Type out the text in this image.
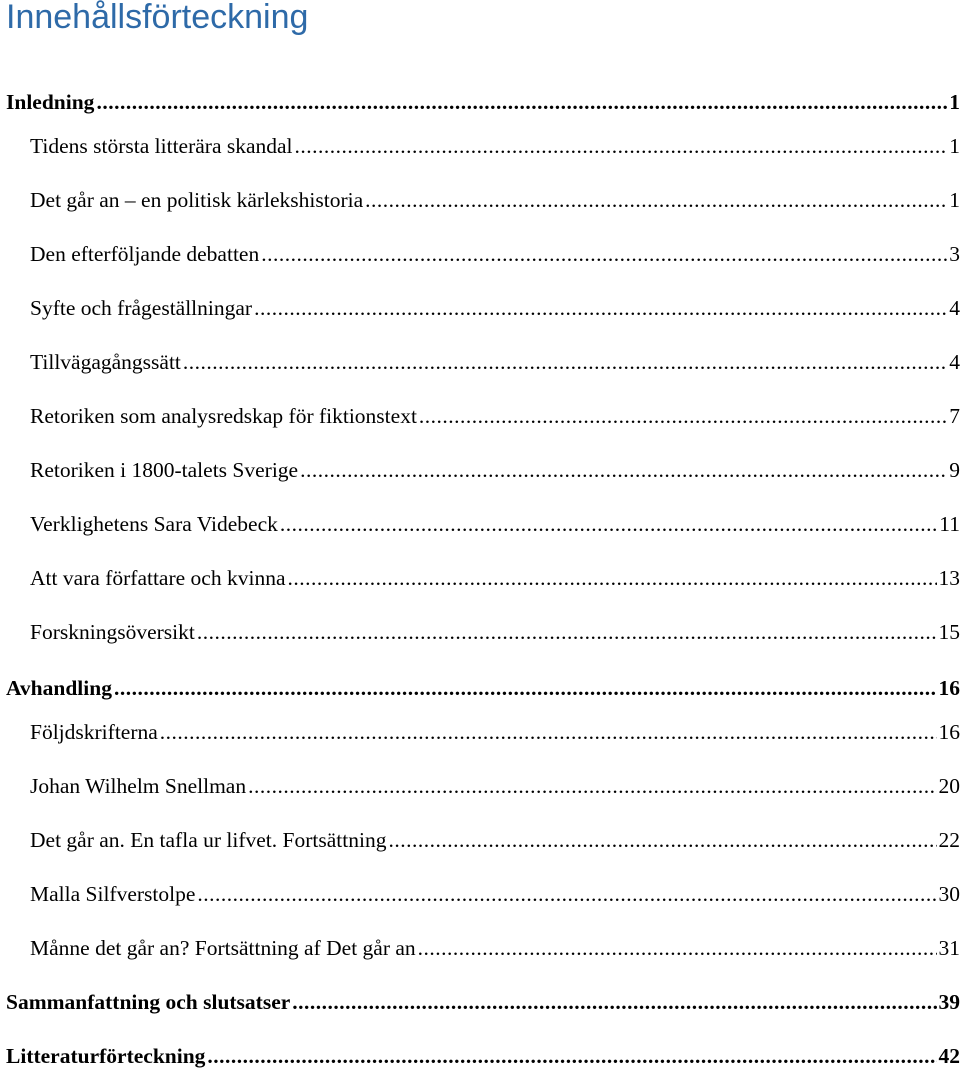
Innehållsförteckning
Inledning .....	1
Tidens största litterära skandal .....	1
Det går an – en politisk kärlekshistoria .....	1
Den efterföljande debatten .....	3
Syfte och frågeställningar .....	4
Tillvägagångssätt .....	4
Retoriken som analysredskap för fiktionstext .....	7
Retoriken i 1800-talets Sverige .....	9
Verklighetens Sara Videbeck .....	11
Att vara författare och kvinna .....	13
Forskningsöversikt .....	15
Avhandling .....	16
Följdskrifterna .....	16
Johan Wilhelm Snellman .....	20
Det går an. En tafla ur lifvet. Fortsättning .....	22
Malla Silfverstolpe .....	30
Månne det går an? Fortsättning af Det går an .....	31
Sammanfattning och slutsatser .....	39
Litteraturförteckning .....	42
